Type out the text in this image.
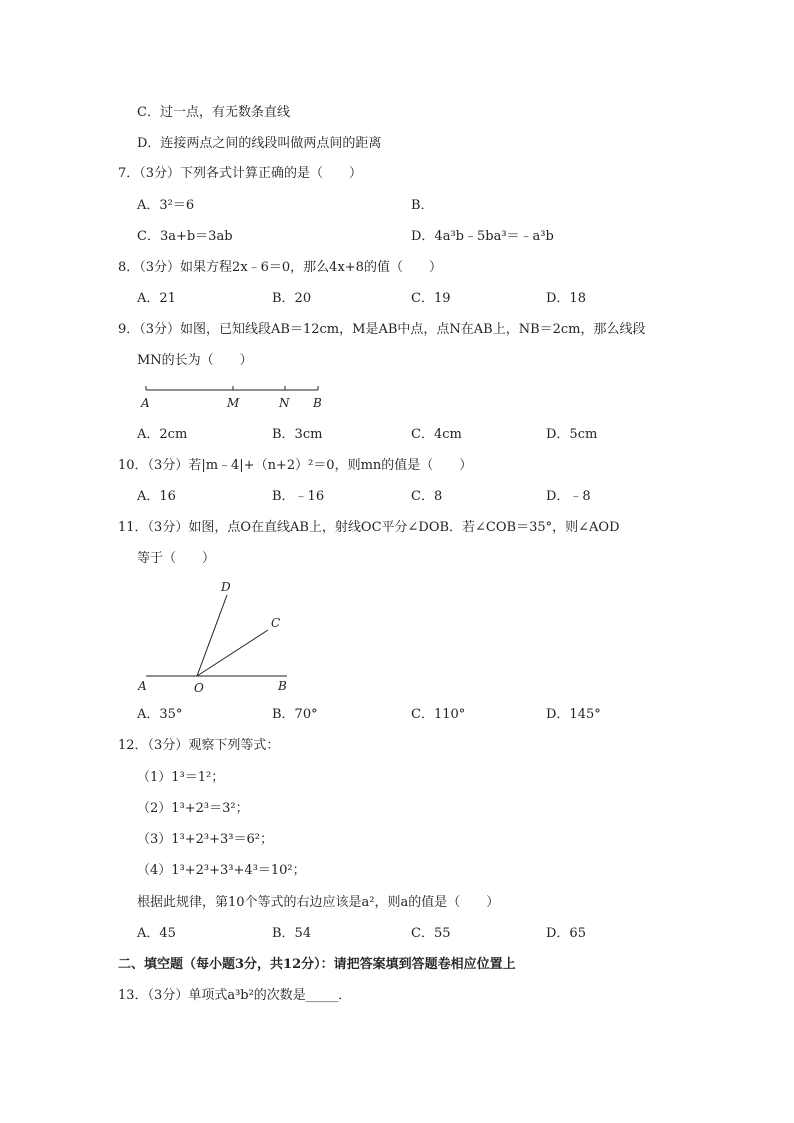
C．过一点，有无数条直线
D．连接两点之间的线段叫做两点间的距离
7．（3分）下列各式计算正确的是（　　）
A．3²＝6	B．
C．3a+b＝3ab	D．4a³b﹣5ba³＝﹣a³b
8．（3分）如果方程2x﹣6＝0，那么4x+8的值（　　）
A．21	B．20	C．19	D．18
9．（3分）如图，已知线段AB＝12cm，M是AB中点，点N在AB上，NB＝2cm，那么线段
MN的长为（　　）
A	M	N B
A．2cm	B．3cm	C．4cm	D．5cm
10．（3分）若|m﹣4|+（n+2）²＝0，则mn的值是（　　）
A．16	B．﹣16	C．8	D．﹣8
11．（3分）如图，点O在直线AB上，射线OC平分∠DOB．若∠COB＝35°，则∠AOD
等于（　　）
D
C
A	O	B
A．35°	B．70°	C．110°	D．145°
12．（3分）观察下列等式：
（1）1³＝1²；
（2）1³+2³＝3²；
（3）1³+2³+3³＝6²；
（4）1³+2³+3³+4³＝10²；
根据此规律，第10个等式的右边应该是a²，则a的值是（　　）
A．45	B．54	C．55	D．65
二、填空题（每小题3分，共12分）：请把答案填到答题卷相应位置上
13．（3分）单项式a³b²的次数是_____．
